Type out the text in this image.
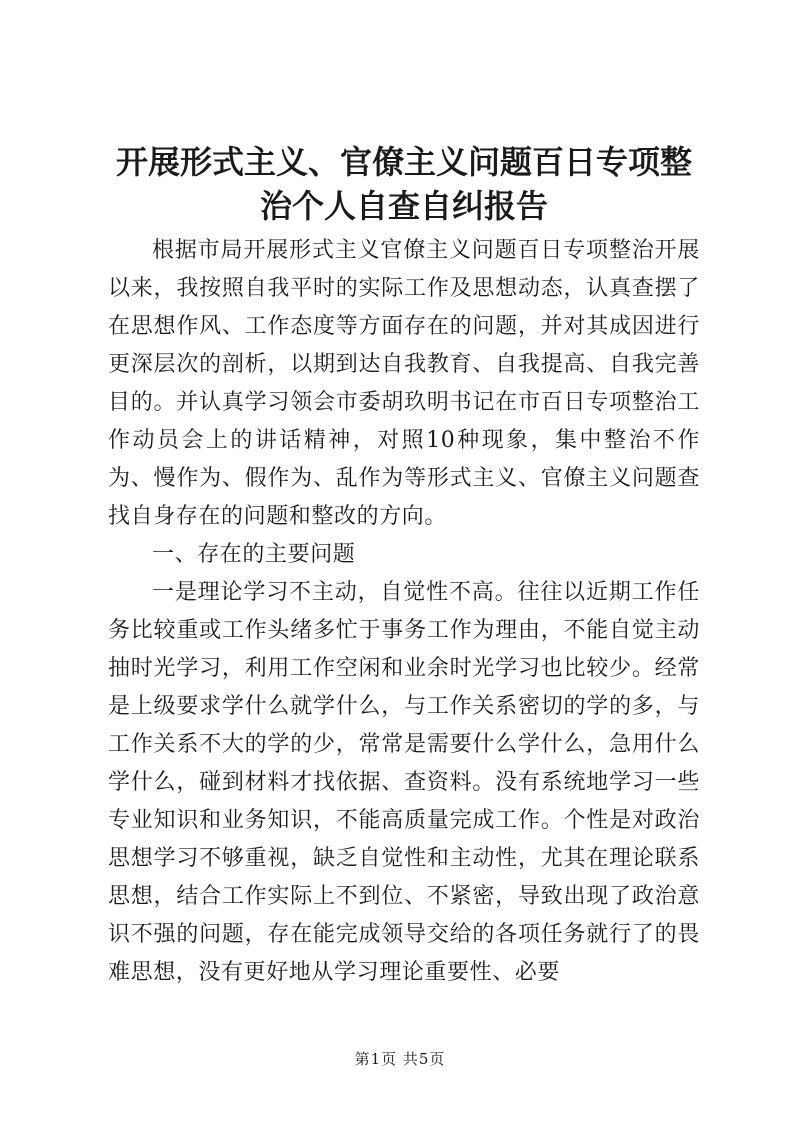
开展形式主义、官僚主义问题百日专项整治个人自查自纠报告

根据市局开展形式主义官僚主义问题百日专项整治开展以来，我按照自我平时的实际工作及思想动态，认真查摆了在思想作风、工作态度等方面存在的问题，并对其成因进行更深层次的剖析，以期到达自我教育、自我提高、自我完善目的。并认真学习领会市委胡玖明书记在市百日专项整治工作动员会上的讲话精神，对照10种现象，集中整治不作为、慢作为、假作为、乱作为等形式主义、官僚主义问题查找自身存在的问题和整改的方向。

一、存在的主要问题

一是理论学习不主动，自觉性不高。往往以近期工作任务比较重或工作头绪多忙于事务工作为理由，不能自觉主动抽时光学习，利用工作空闲和业余时光学习也比较少。经常是上级要求学什么就学什么，与工作关系密切的学的多，与工作关系不大的学的少，常常是需要什么学什么，急用什么学什么，碰到材料才找依据、查资料。没有系统地学习一些专业知识和业务知识，不能高质量完成工作。个性是对政治思想学习不够重视，缺乏自觉性和主动性，尤其在理论联系思想，结合工作实际上不到位、不紧密，导致出现了政治意识不强的问题，存在能完成领导交给的各项任务就行了的畏难思想，没有更好地从学习理论重要性、必要

第1页 共5页
